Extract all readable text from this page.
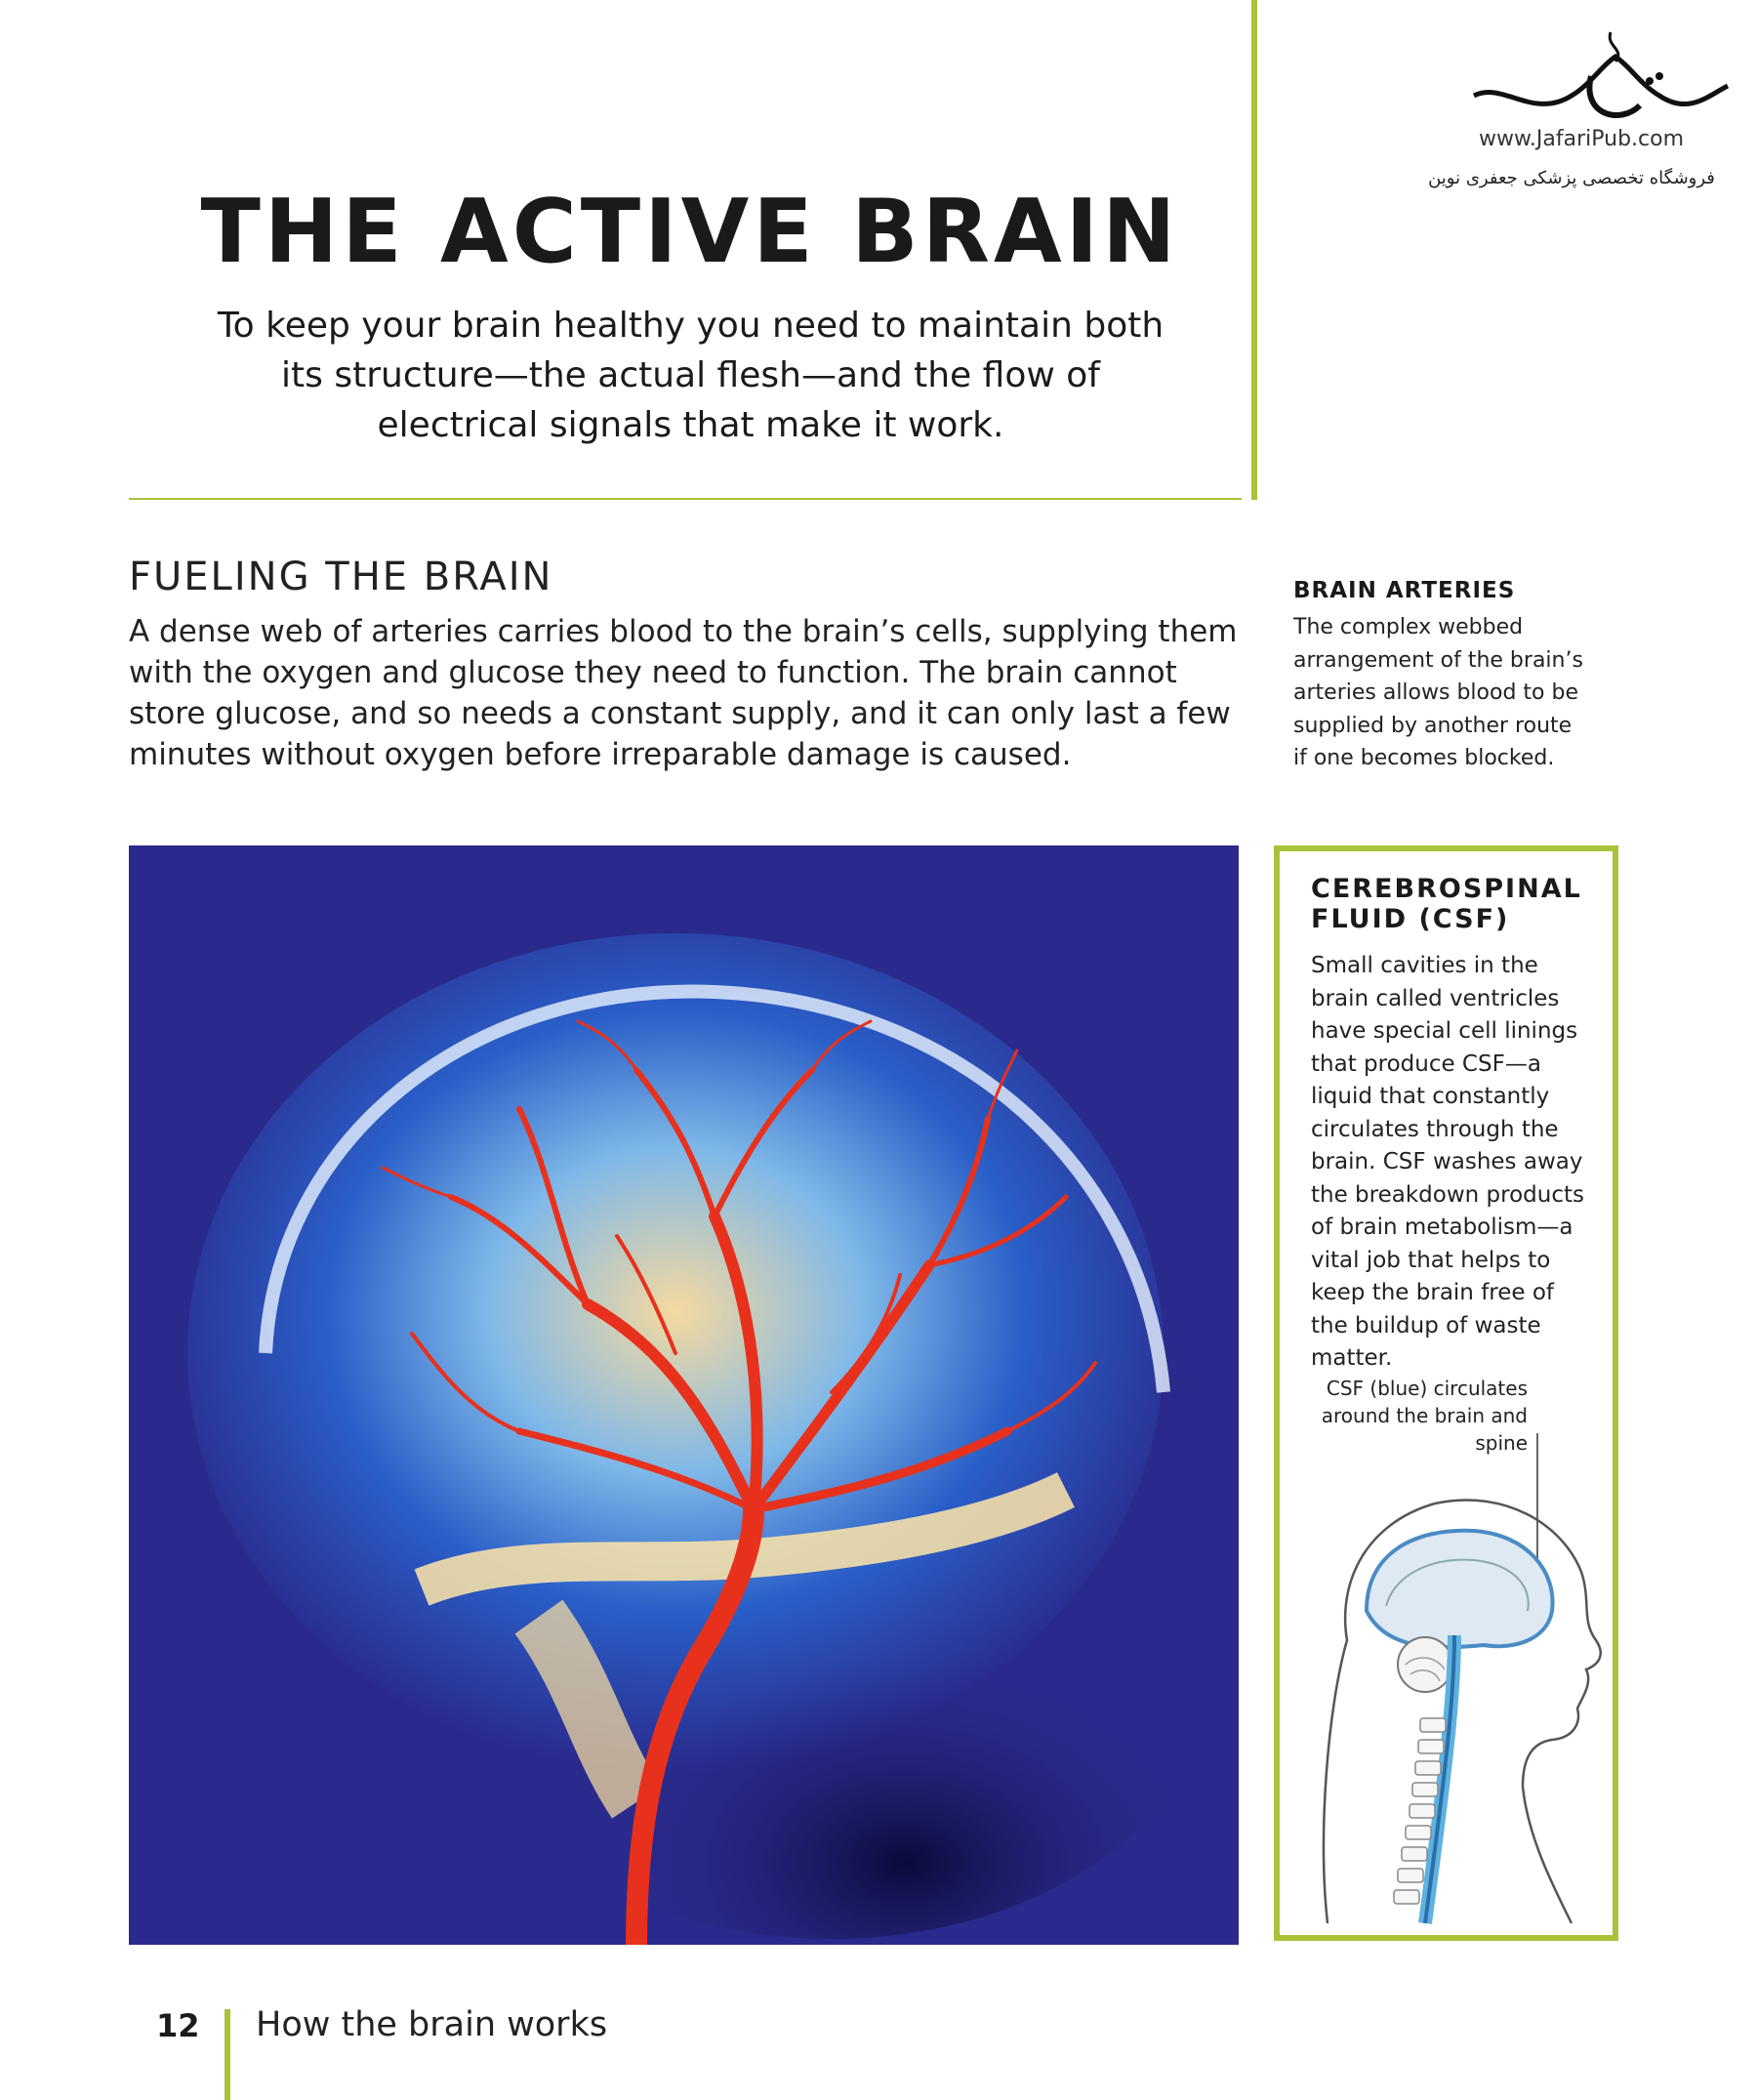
www.JafariPub.com
فروشگاه تخصصی پزشکی جعفری نوین
THE ACTIVE BRAIN
To keep your brain healthy you need to maintain both its structure—the actual flesh—and the flow of electrical signals that make it work.
FUELING THE BRAIN
A dense web of arteries carries blood to the brain’s cells, supplying them with the oxygen and glucose they need to function. The brain cannot store glucose, and so needs a constant supply, and it can only last a few minutes without oxygen before irreparable damage is caused.
BRAIN ARTERIES
The complex webbed arrangement of the brain’s arteries allows blood to be supplied by another route if one becomes blocked.
CEREBROSPINAL FLUID (CSF)
Small cavities in the brain called ventricles have special cell linings that produce CSF—a liquid that constantly circulates through the brain. CSF washes away the breakdown products of brain metabolism—a vital job that helps to keep the brain free of the buildup of waste matter.
CSF (blue) circulates around the brain and spine
12 How the brain works
